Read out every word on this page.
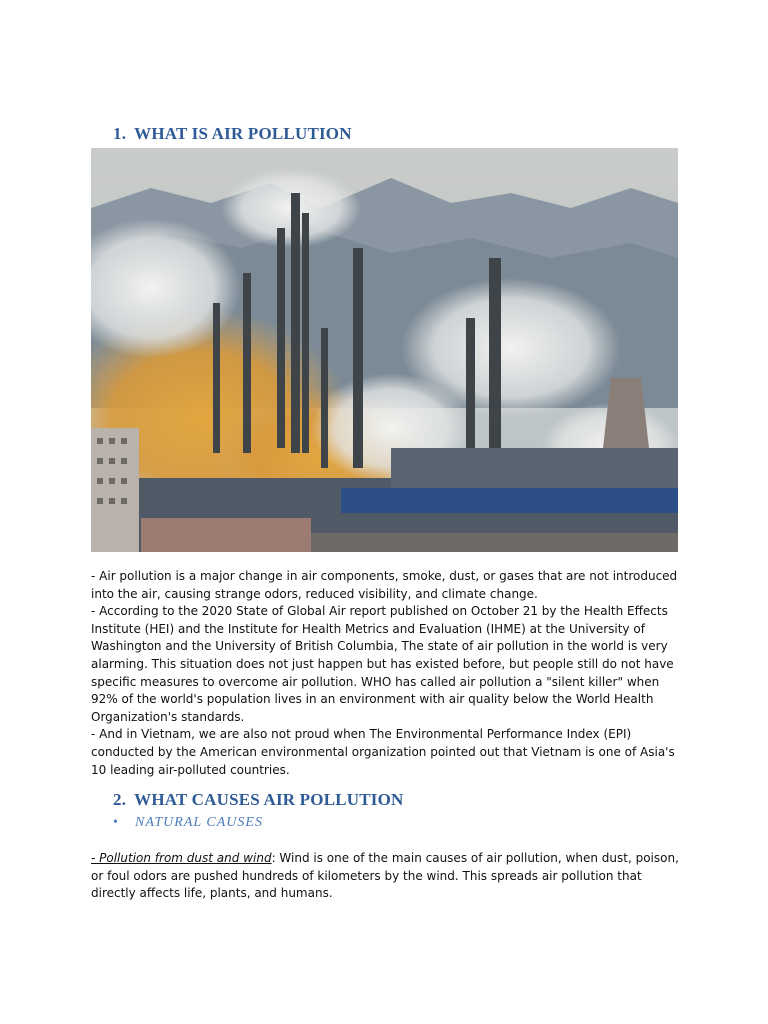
1. WHAT IS AIR POLLUTION

- Air pollution is a major change in air components, smoke, dust, or gases that are not introduced into the air, causing strange odors, reduced visibility, and climate change.

- According to the 2020 State of Global Air report published on October 21 by the Health Effects Institute (HEI) and the Institute for Health Metrics and Evaluation (IHME) at the University of Washington and the University of British Columbia, The state of air pollution in the world is very alarming. This situation does not just happen but has existed before, but people still do not have specific measures to overcome air pollution. WHO has called air pollution a "silent killer" when 92% of the world's population lives in an environment with air quality below the World Health Organization's standards.

- And in Vietnam, we are also not proud when The Environmental Performance Index (EPI) conducted by the American environmental organization pointed out that Vietnam is one of Asia's 10 leading air-polluted countries.

2. WHAT CAUSES AIR POLLUTION
• NATURAL CAUSES

- Pollution from dust and wind: Wind is one of the main causes of air pollution, when dust, poison, or foul odors are pushed hundreds of kilometers by the wind. This spreads air pollution that directly affects life, plants, and humans.
